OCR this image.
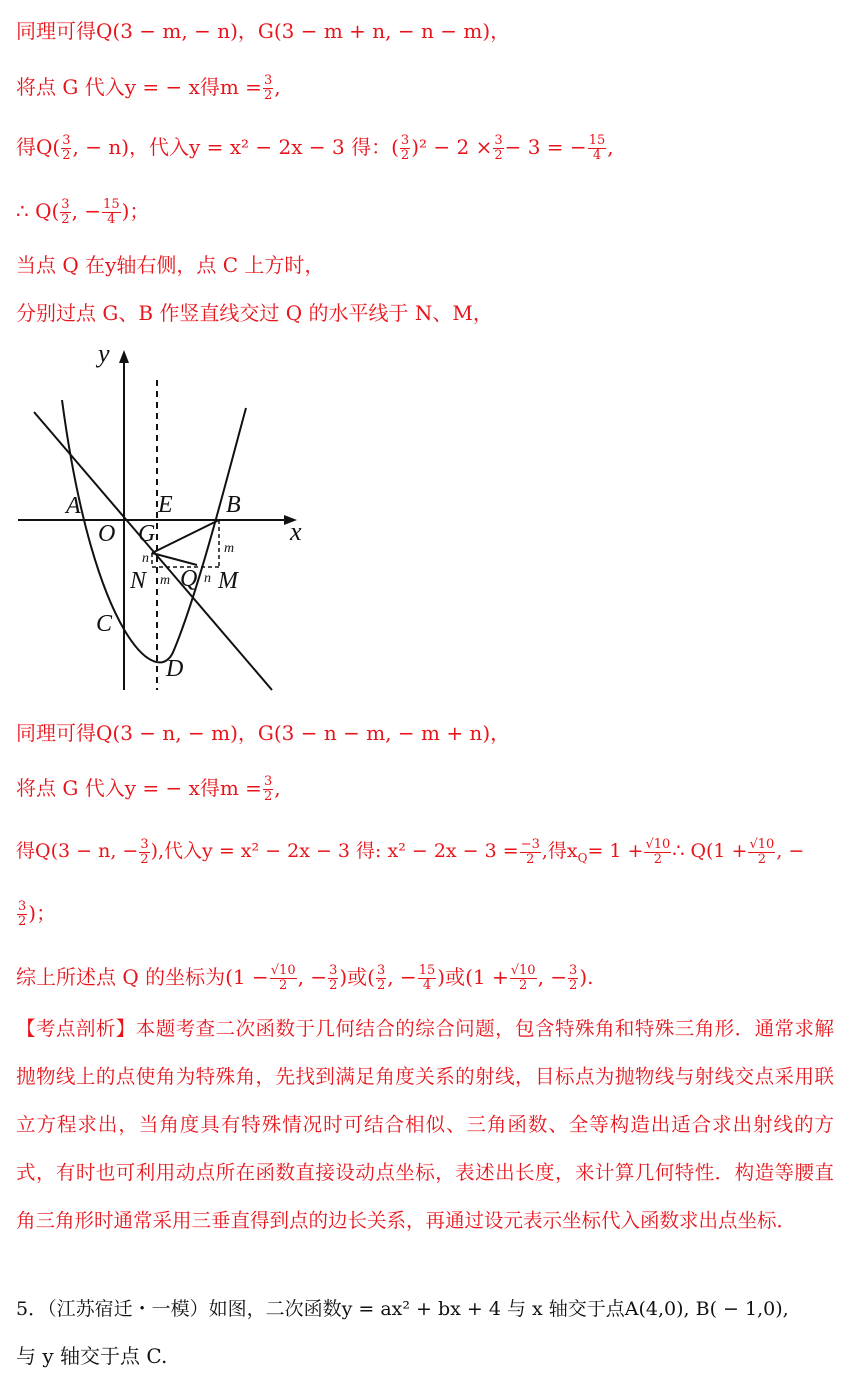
同理可得Q(3 − m, − n)，G(3 − m + n, − n − m)，
将点 G 代入y = − x得$m = \frac{3}{2}$ ,
得$Q( \frac{3}{2}$ , − n)，代入y = x² − 2x − 3 得：( $\frac{3}{2} )^2 - 2 \times \frac{3}{2} - 3$ = − $\frac{15}{4}$ ,
∴ $Q( \frac{3}{2}$ , − $\frac{15}{4}$ )；
当点 Q 在y轴右侧，点 C 上方时，
分别过点 G、B 作竖直线交过 Q 的水平线于 N、M，
y
x
A
O G
E B
m
n
N m Q n M
C
D
同理可得Q(3 − n, − m)，G(3 − n − m, − m + n)，
将点 G 代入y = − x得$m = \frac{3}{2}$ ,
得Q(3 − n, − $\frac{3}{2}$ ),代入y = x² − 2x − 3 得: $x^2 - 2x - 3 = \frac{-3}{2}$ ,得$x_Q= 1 + \frac{√10}{2}$ ∴ $Q(1 + \frac{√10}{2}$ , −
$\frac{3}{2}$ )；
综上所述点 Q 的坐标为($1 - \frac{√10}{2}$ , − $\frac{3}{2}$ )或( $\frac{3}{2}$ , − $\frac{15}{4}$ )或($1 + \frac{√10}{2}$ , − $\frac{3}{2}$ ).
【考点剖析】本题考查二次函数于几何结合的综合问题，包含特殊角和特殊三角形．通常求解抛物线上的点使角为特殊角，先找到满足角度关系的射线，目标点为抛物线与射线交点采用联立方程求出，当角度具有特殊情况时可结合相似、三角函数、全等构造出适合求出射线的方式，有时也可利用动点所在函数直接设动点坐标，表述出长度，来计算几何特性．构造等腰直角三角形时通常采用三垂直得到点的边长关系，再通过设元表示坐标代入函数求出点坐标．
5．（江苏宿迁・一模）如图，二次函数y = ax² + bx + 4 与 x 轴交于点A(4,0), B( − 1,0),
与 y 轴交于点 C.
